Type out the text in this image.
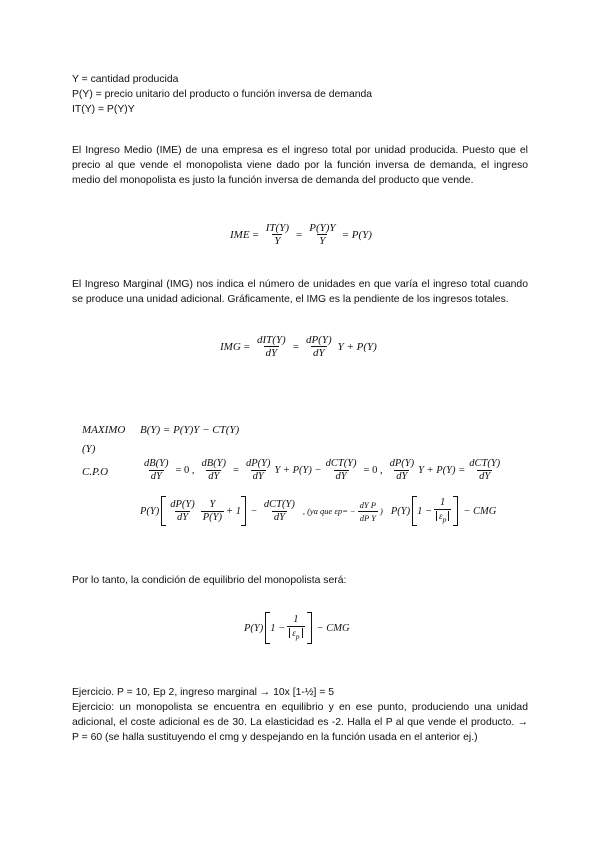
Y = cantidad producida

P(Y) = precio unitario del producto o función inversa de demanda

IT(Y) = P(Y)Y

El Ingreso Medio (IME) de una empresa es el ingreso total por unidad producida. Puesto que el precio al que vende el monopolista viene dado por la función inversa de demanda, el ingreso medio del monopolista es justo la función inversa de demanda del producto que vende.
IME = $\frac{IT(Y)}{Y} = \frac{P(Y)Y}{Y} = P(Y)$
El Ingreso Marginal (IMG) nos indica el número de unidades en que varía el ingreso total cuando se produce una unidad adicional. Gráficamente, el IMG es la pendiente de los ingresos totales.
IMG = $\frac{\text{dIT(Y)}}{dY} = \frac{dP(Y)}{dY}$ Y + P(Y)
MAXIMO	B(Y) = P(Y)Y − CT(Y)
(Y)
C.P.O	$\frac{dB(Y)}{dY} = 0$ , $\frac{dB(Y)}{dY} = \frac{dP(Y)}{dY}$ $Y + P(Y) - \frac{\text{dCT(Y)}}{dY} = 0$ , $\frac{dP(Y)}{dY}$ $Y + P(Y) = \frac{\text{dCT(Y)}}{dY}$
$P(Y) \frac{dP(Y)}{dY} \frac{Y}{P(Y)} + 1 - \frac{\text{dCT(Y)}}{dY}$ , (ya que ε p = − $\frac{\text{dY P}}{\text{dP Y}}$ ) P(Y) $1 - \frac{1}{\varepsilon_p}$ − CMG
Por lo tanto, la condición de equilibrio del monopolista será:
P(Y) $1 - \frac{1}{\varepsilon_p}$ − CMG
Ejercicio. P = 10, Ep 2, ingreso marginal → 10x [1-½] = 5
Ejercicio: un monopolista se encuentra en equilibrio y en ese punto, produciendo una unidad adicional, el coste adicional es de 30. La elasticidad es -2. Halla el P al que vende el producto. → P = 60 (se halla sustituyendo el cmg y despejando en la función usada en el anterior ej.)
